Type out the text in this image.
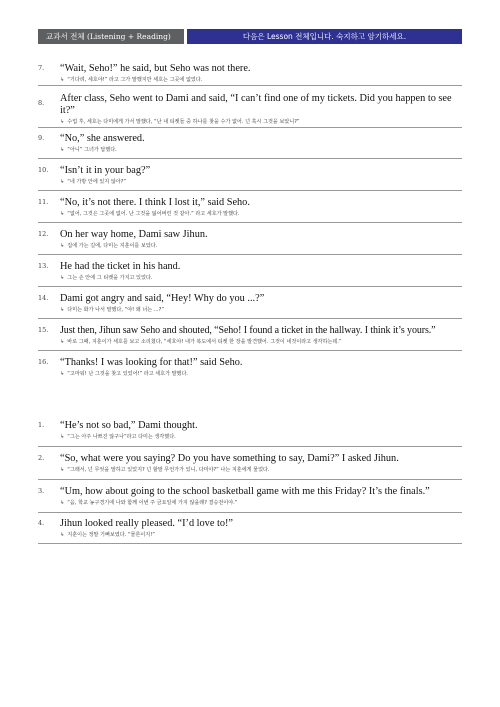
교과서 전체 (Listening + Reading)	다음은 Lesson 전체입니다. 숙지하고 암기하세요.
7.	“Wait, Seho!” he said, but Seho was not there.
↳ “기다려, 세호야!” 라고 그가 말했지만 세호는 그곳에 없었다.
8.	After class, Seho went to Dami and said, “I can’t find one of my tickets. Did you happen to see it?”
↳ 수업 후, 세호는 다미에게 가서 말했다, “난 내 티켓들 중 하나를 찾을 수가 없어. 넌 혹시 그것을 보았니?”
9.	“No,” she answered.
↳ “아니” 그녀가 답했다.
10.	“Isn’t it in your bag?”
↳ “네 가방 안에 있지 않아?”
11.	“No, it’s not there. I think I lost it,” said Seho.
↳ “없어, 그것은 그곳에 없어. 난 그것을 잃어버린 것 같아.” 라고 세호가 말했다.
12.	On her way home, Dami saw Jihun.
↳ 집에 가는 길에, 다미는 지훈이를 보았다.
13.	He had the ticket in his hand.
↳ 그는 손 안에 그 티켓을 가지고 있었다.
14.	Dami got angry and said, “Hey! Why do you ...?”
↳ 다미는 화가 나서 말했다, “야! 왜 너는 ...?”
15.	Just then, Jihun saw Seho and shouted, “Seho! I found a ticket in the hallway. I think it’s yours.”
↳ 바로 그때, 지훈이가 세호를 보고 소리쳤다, “세호야! 내가 복도에서 티켓 한 장을 발견했어. 그것이 네것이라고 생각하는데.”
16.	“Thanks! I was looking for that!” said Seho.
↳ “고마워! 난 그것을 찾고 있었어!” 라고 세호가 말했다.
1.	“He’s not so bad,” Dami thought.
↳ “그는 아주 나쁘진 않구나”라고 다미는 생각했다.
2.	“So, what were you saying? Do you have something to say, Dami?” I asked Jihun.
↳ “그래서, 넌 무엇을 말하고 있었지? 넌 할말 무언가가 있니, 다미야?” 나는 지훈에게 물었다.
3.	“Um, how about going to the school basketball game with me this Friday? It’s the finals.”
↳ “음, 학교 농구경기에 나와 함께 이번 주 금요일에 가지 않을래? 결승전이야.”
4.	Jihun looked really pleased. “I’d love to!”
↳ 지훈이는 정말 기뻐보였다. “물론이지!”
